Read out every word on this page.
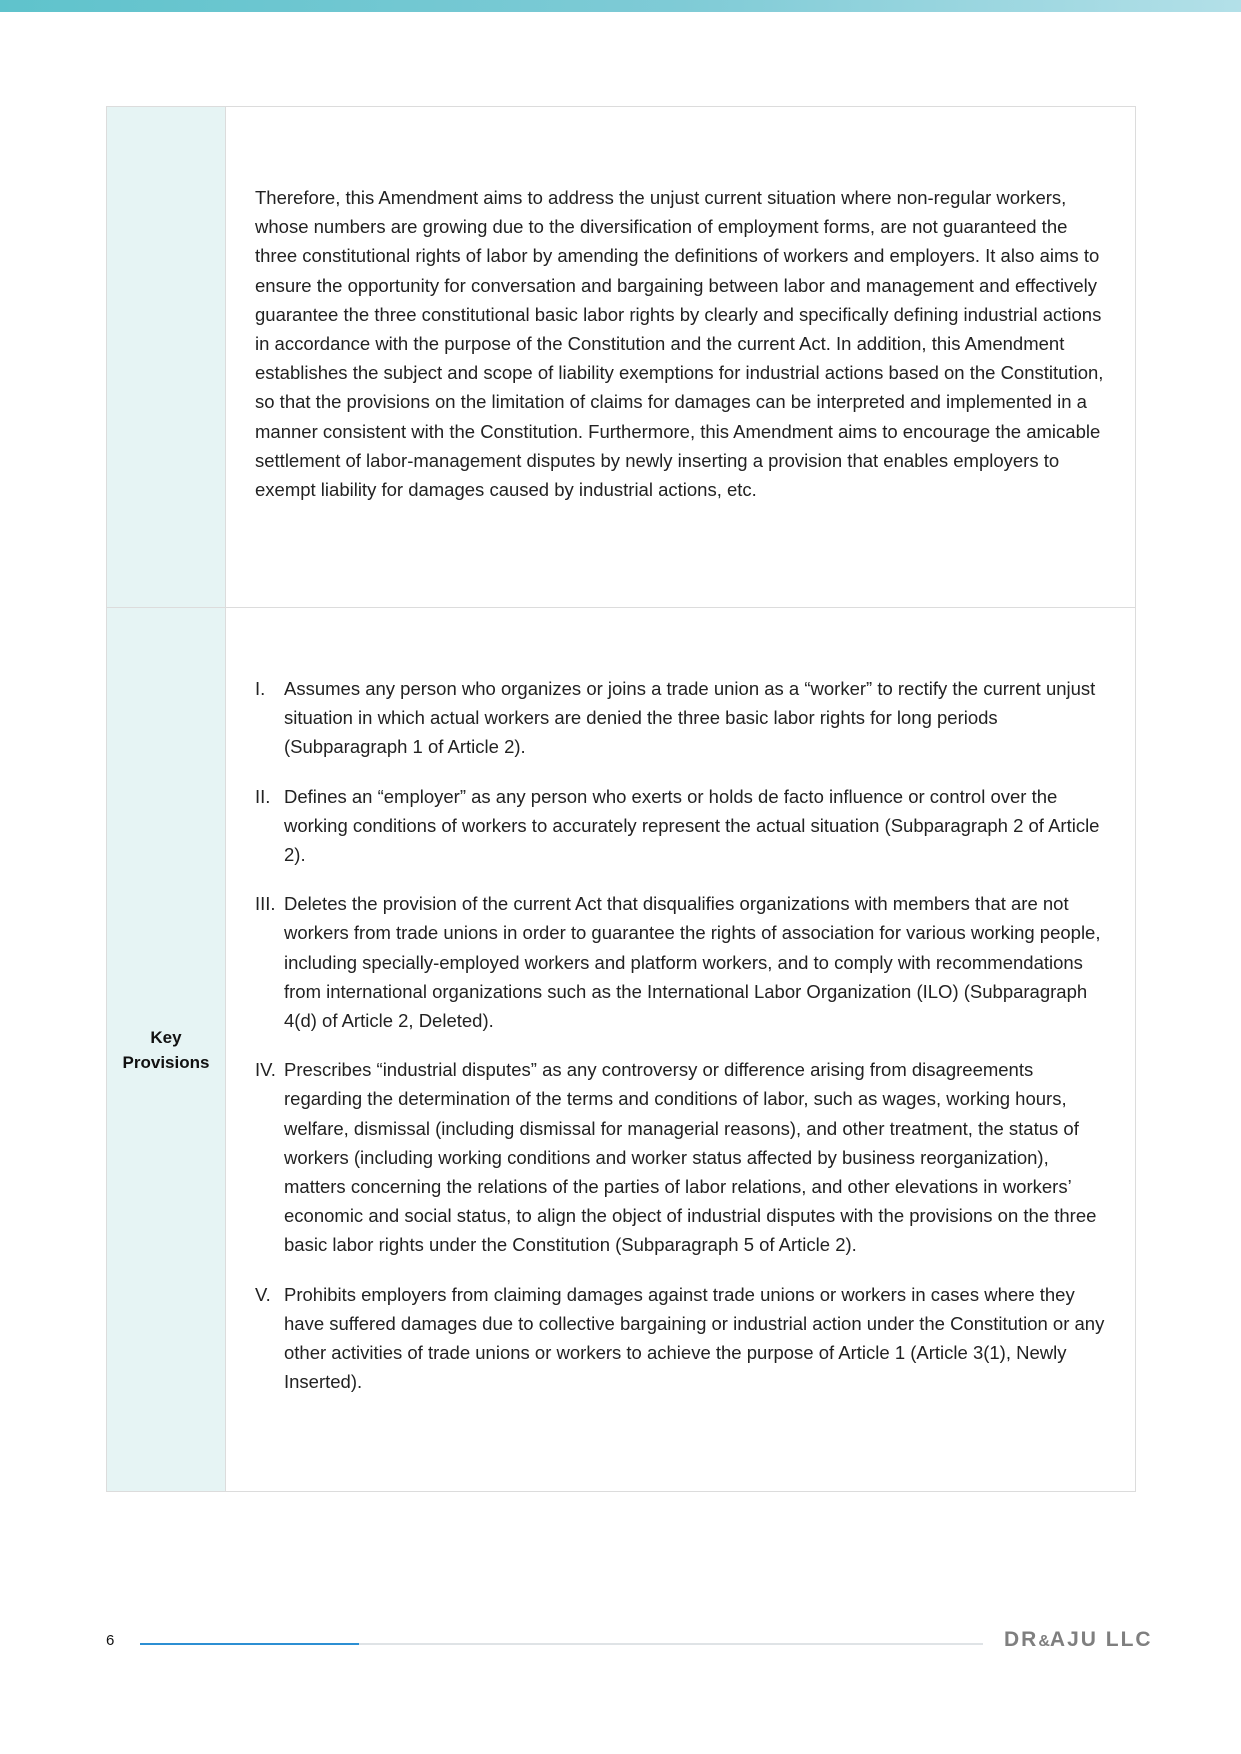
Therefore, this Amendment aims to address the unjust current situation where non-regular workers, whose numbers are growing due to the diversification of employment forms, are not guaranteed the three constitutional rights of labor by amending the definitions of workers and employers. It also aims to ensure the opportunity for conversation and bargaining between labor and management and effectively guarantee the three constitutional basic labor rights by clearly and specifically defining industrial actions in accordance with the purpose of the Constitution and the current Act. In addition, this Amendment establishes the subject and scope of liability exemptions for industrial actions based on the Constitution, so that the provisions on the limitation of claims for damages can be interpreted and implemented in a manner consistent with the Constitution. Furthermore, this Amendment aims to encourage the amicable settlement of labor-management disputes by newly inserting a provision that enables employers to exempt liability for damages caused by industrial actions, etc.

Key
Provisions
I.	Assumes any person who organizes or joins a trade union as a “worker” to rectify the current unjust situation in which actual workers are denied the three basic labor rights for long periods (Subparagraph 1 of Article 2).
II. Defines an “employer” as any person who exerts or holds de facto influence or control over the working conditions of workers to accurately represent the actual situation (Subparagraph 2 of Article 2).
III. Deletes the provision of the current Act that disqualifies organizations with members that are not workers from trade unions in order to guarantee the rights of association for various working people, including specially-employed workers and platform workers, and to comply with recommendations from international organizations such as the International Labor Organization (ILO) (Subparagraph 4(d) of Article 2, Deleted).
IV. Prescribes “industrial disputes” as any controversy or difference arising from disagreements regarding the determination of the terms and conditions of labor, such as wages, working hours, welfare, dismissal (including dismissal for managerial reasons), and other treatment, the status of workers (including working conditions and worker status affected by business reorganization), matters concerning the relations of the parties of labor relations, and other elevations in workers’ economic and social status, to align the object of industrial disputes with the provisions on the three basic labor rights under the Constitution (Subparagraph 5 of Article 2).
V. Prohibits employers from claiming damages against trade unions or workers in cases where they have suffered damages due to collective bargaining or industrial action under the Constitution or any other activities of trade unions or workers to achieve the purpose of Article 1 (Article 3(1), Newly Inserted).
6	DR&AJU LLC
